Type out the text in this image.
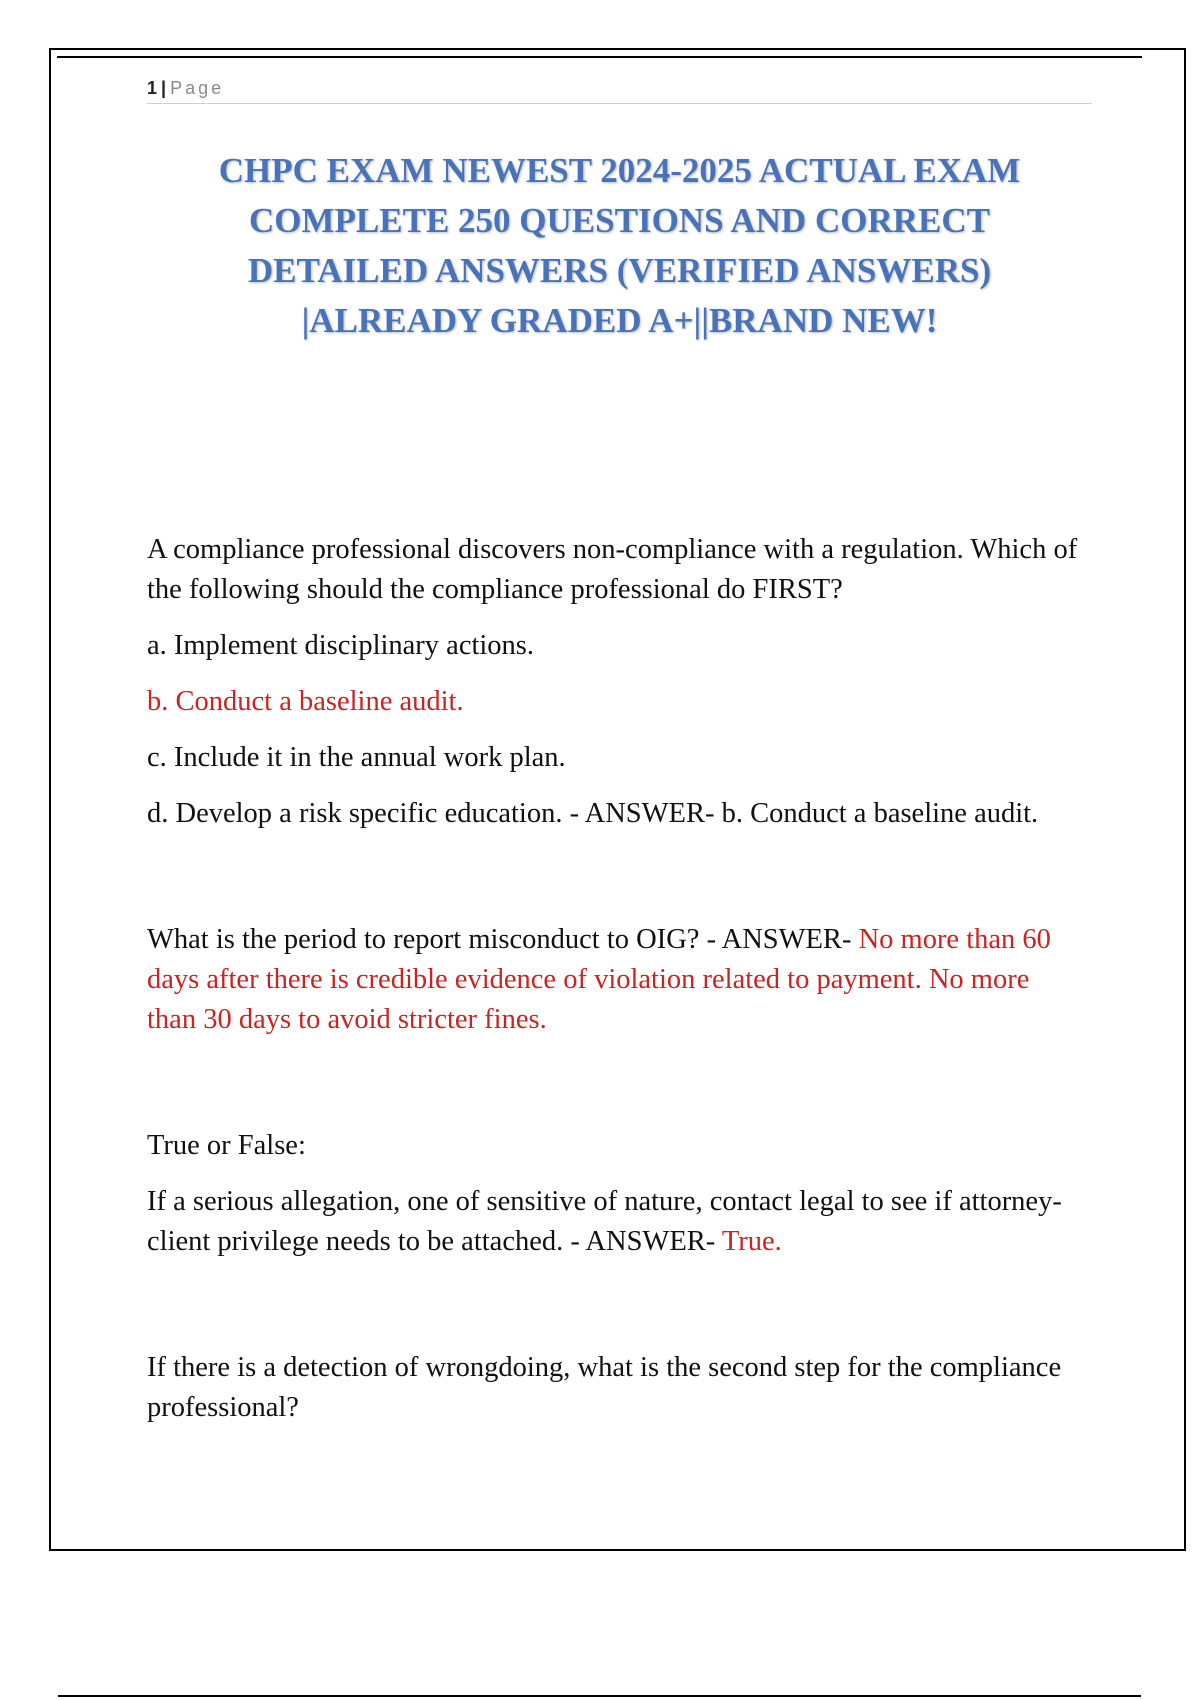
1 | Page
CHPC EXAM NEWEST 2024-2025 ACTUAL EXAM
COMPLETE 250 QUESTIONS AND CORRECT
DETAILED ANSWERS (VERIFIED ANSWERS)
|ALREADY GRADED A+||BRAND NEW!

A compliance professional discovers non-compliance with a regulation. Which of the following should the compliance professional do FIRST?

a. Implement disciplinary actions.

b. Conduct a baseline audit.

c. Include it in the annual work plan.

d. Develop a risk specific education. - ANSWER- b. Conduct a baseline audit.

What is the period to report misconduct to OIG? - ANSWER- No more than 60 days after there is credible evidence of violation related to payment. No more than 30 days to avoid stricter fines.

True or False:

If a serious allegation, one of sensitive of nature, contact legal to see if attorney-client privilege needs to be attached. - ANSWER- True.

If there is a detection of wrongdoing, what is the second step for the compliance professional?
